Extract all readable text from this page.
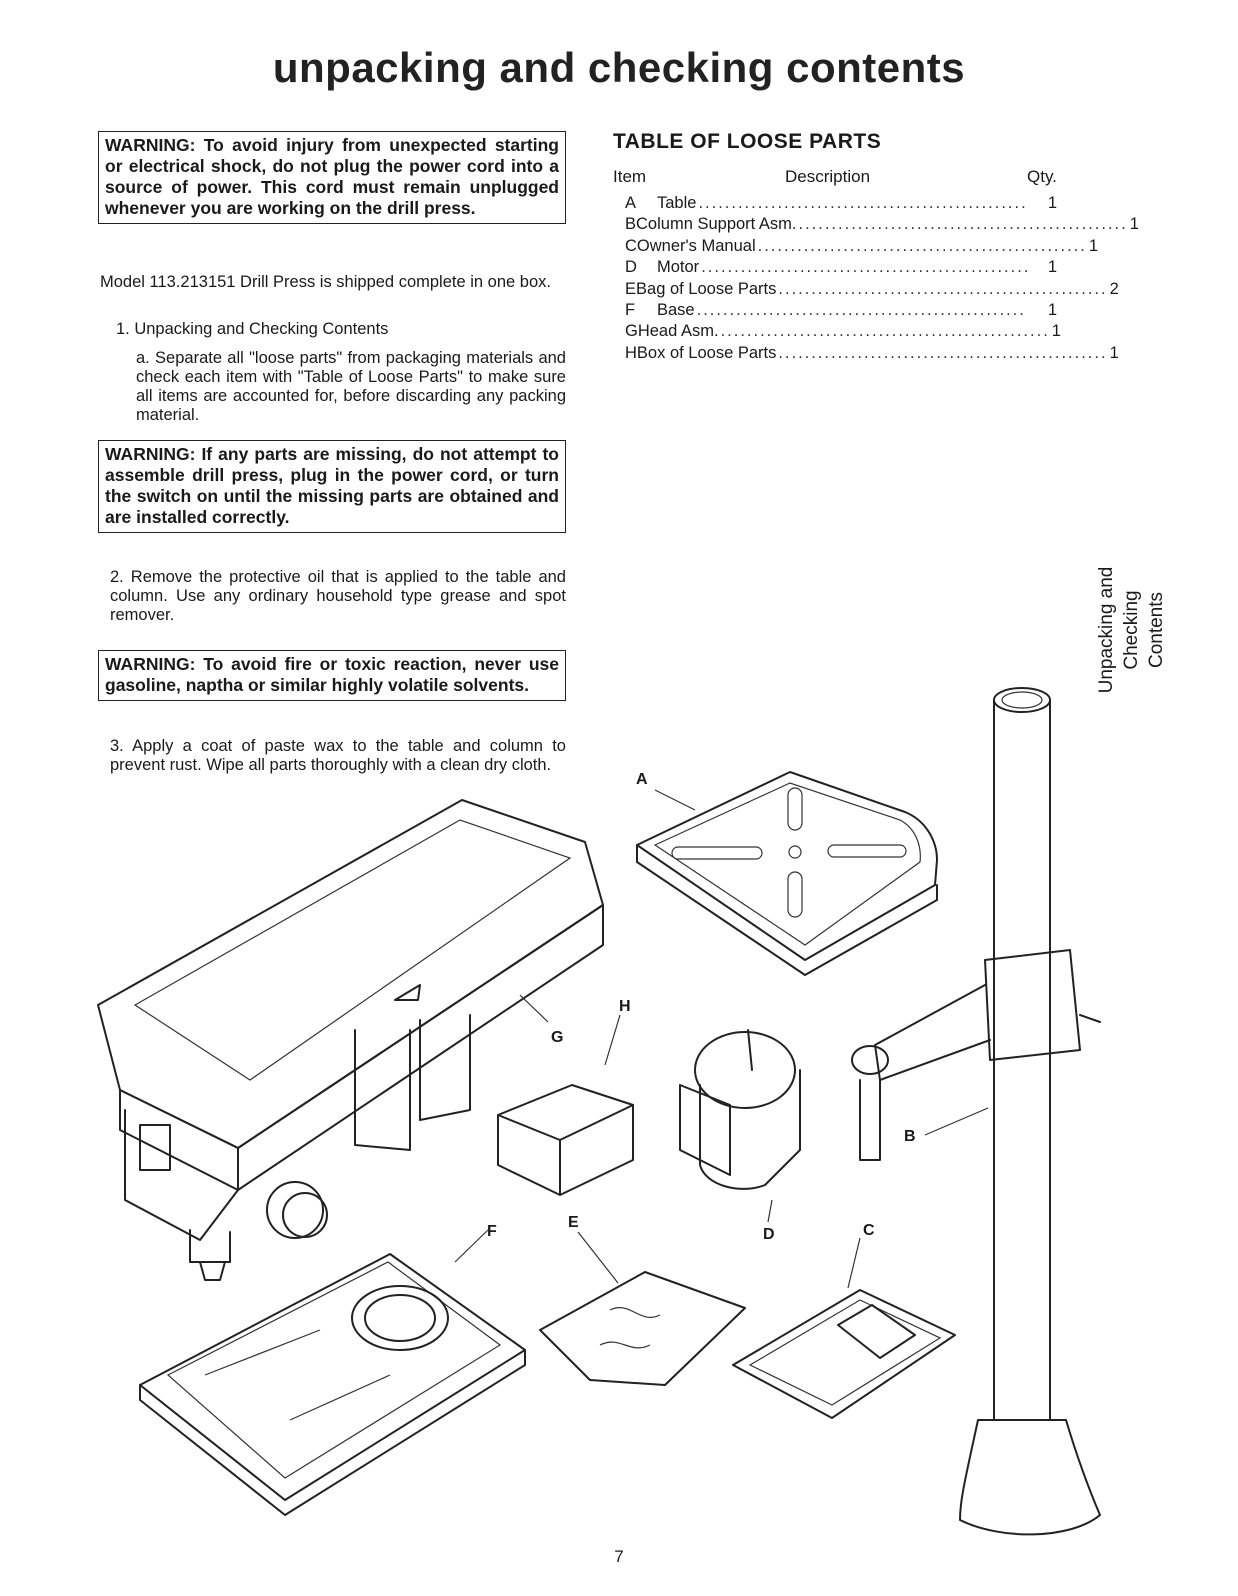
unpacking and checking contents
WARNING: To avoid injury from unexpected starting or electrical shock, do not plug the power cord into a source of power. This cord must remain unplugged whenever you are working on the drill press.

Model 113.213151 Drill Press is shipped complete in one box.

1. Unpacking and Checking Contents

a. Separate all "loose parts" from packaging materials and check each item with "Table of Loose Parts" to make sure all items are accounted for, before discarding any packing material.

WARNING: If any parts are missing, do not attempt to assemble drill press, plug in the power cord, or turn the switch on until the missing parts are obtained and are installed correctly.

2. Remove the protective oil that is applied to the table and column. Use any ordinary household type grease and spot remover.

WARNING: To avoid fire or toxic reaction, never use gasoline, naptha or similar highly volatile solvents.

3. Apply a coat of paste wax to the table and column to prevent rust. Wipe all parts thoroughly with a clean dry cloth.

TABLE OF LOOSE PARTS
Item	Description	Qty.
A	Table ..................................................	1
B Column Support Asm. .................................................. 1
C Owner's Manual .................................................. 1
D	Motor ..................................................	1
E Bag of Loose Parts .................................................. 2
F	Base ..................................................	1
G Head Asm. .................................................. 1
H Box of Loose Parts .................................................. 1
Unpacking and Checking Contents
A
B
C
D
E
F
G
H
7
